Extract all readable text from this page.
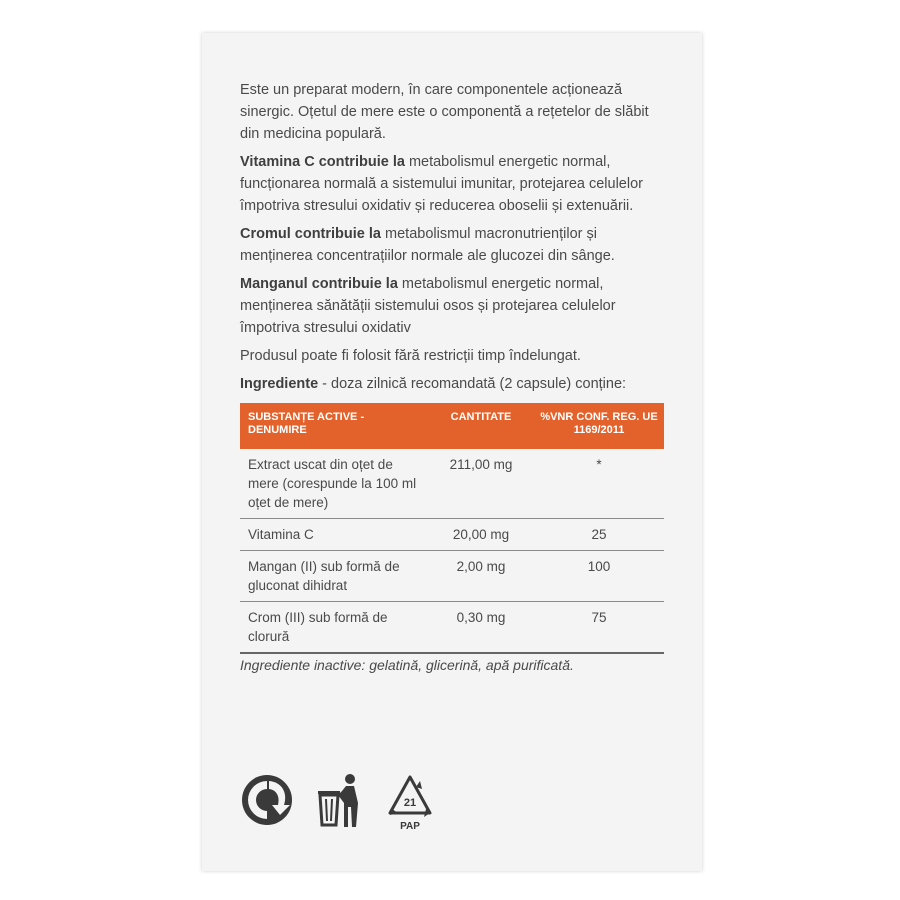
Este un preparat modern, în care componentele acționează sinergic. Oțetul de mere este o componentă a rețetelor de slăbit din medicina populară.

Vitamina C contribuie la metabolismul energetic normal, funcționarea normală a sistemului imunitar, protejarea celulelor împotriva stresului oxidativ și reducerea oboselii și extenuării.

Cromul contribuie la metabolismul macronutrienților și menținerea concentrațiilor normale ale glucozei din sânge.

Manganul contribuie la metabolismul energetic normal, menținerea sănătății sistemului osos și protejarea celulelor împotriva stresului oxidativ

Produsul poate fi folosit fără restricții timp îndelungat.

Ingrediente - doza zilnică recomandată (2 capsule) conține:

SUBSTANȚE ACTIVE - DENUMIRE	CANTITATE	%VNR CONF. REG. UE 1169/2011
Extract uscat din oțet de mere (corespunde la 100 ml oțet de mere)	211,00 mg	*
Vitamina C	20,00 mg	25
Mangan (II) sub formă de gluconat dihidrat	2,00 mg	100
Crom (III) sub formă de clorură	0,30 mg	75

Ingrediente inactive: gelatină, glicerină, apă purificată.

21
PAP
